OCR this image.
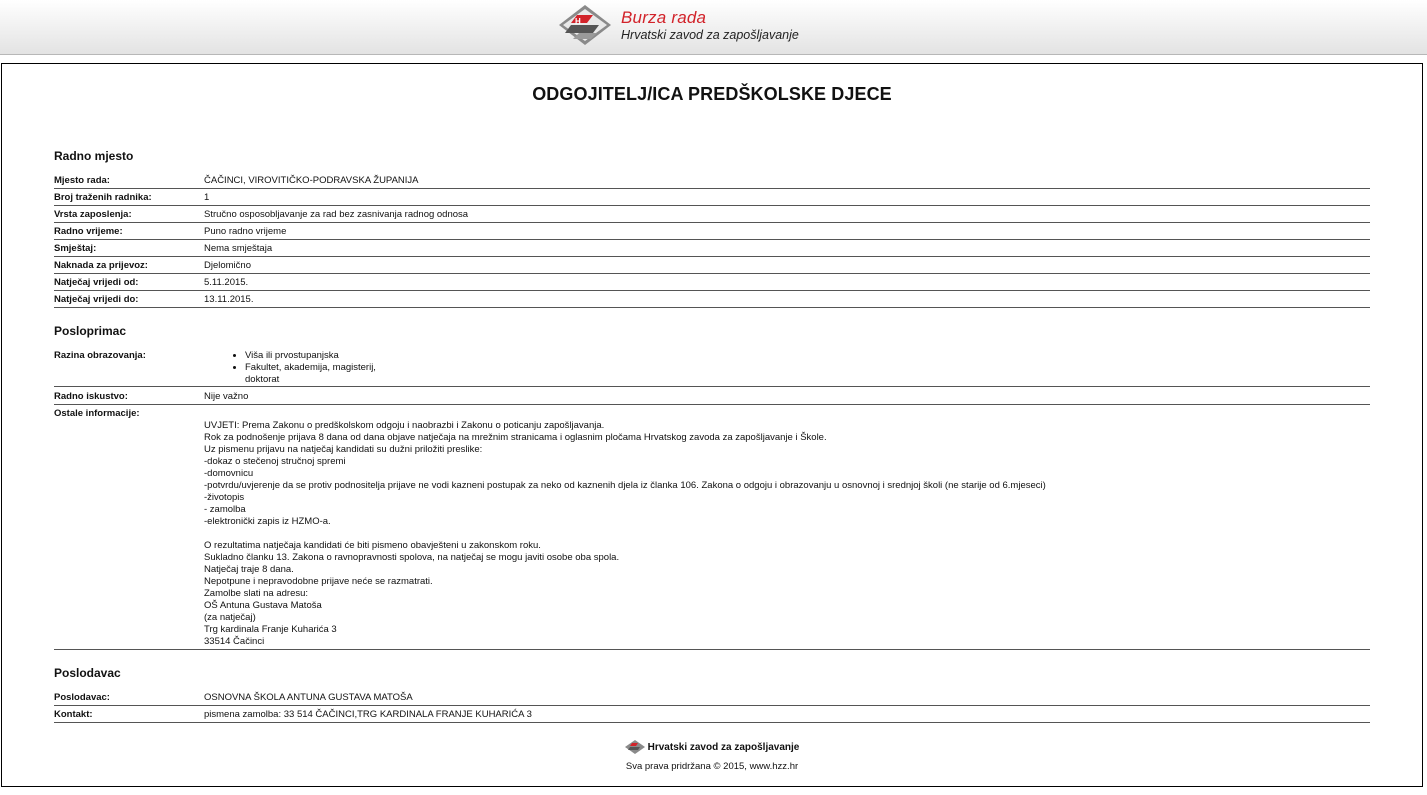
H Burza rada
Hrvatski zavod za zapošljavanje
ODGOJITELJ/ICA PREDŠKOLSKE DJECE
Radno mjesto
Mjesto rada:	ČAČINCI, VIROVITIČKO-PODRAVSKA ŽUPANIJA
Broj traženih radnika:	1
Vrsta zaposlenja:	Stručno osposobljavanje za rad bez zasnivanja radnog odnosa
Radno vrijeme:	Puno radno vrijeme
Smještaj:	Nema smještaja
Naknada za prijevoz:	Djelomično
Natječaj vrijedi od:	5.11.2015.
Natječaj vrijedi do:	13.11.2015.
Posloprimac
Razina obrazovanja:
•	Viša ili prvostupanjska
• Fakultet, akademija, magisterij, doktorat
Radno iskustvo:	Nije važno
Ostale informacije:
UVJETI: Prema Zakonu o predškolskom odgoju i naobrazbi i Zakonu o poticanju zapošljavanja.
Rok za podnošenje prijava 8 dana od dana objave natječaja na mrežnim stranicama i oglasnim pločama Hrvatskog zavoda za zapošljavanje i Škole.
Uz pismenu prijavu na natječaj kandidati su dužni priložiti preslike:
-dokaz o stečenoj stručnoj spremi
-domovnicu
-potvrdu/uvjerenje da se protiv podnositelja prijave ne vodi kazneni postupak za neko od kaznenih djela iz članka 106. Zakona o odgoju i obrazovanju u osnovnoj i srednjoj školi (ne starije od 6.mjeseci)
-životopis
- zamolba
-elektronički zapis iz HZMO-a.
O rezultatima natječaja kandidati će biti pismeno obavješteni u zakonskom roku.
Sukladno članku 13. Zakona o ravnopravnosti spolova, na natječaj se mogu javiti osobe oba spola.
Natječaj traje 8 dana.
Nepotpune i nepravodobne prijave neće se razmatrati.
Zamolbe slati na adresu:
OŠ Antuna Gustava Matoša
(za natječaj)
Trg kardinala Franje Kuharića 3
33514 Čačinci
Poslodavac
Poslodavac:	OSNOVNA ŠKOLA ANTUNA GUSTAVA MATOŠA
Kontakt:	pismena zamolba: 33 514 ČAČINCI,TRG KARDINALA FRANJE KUHARIĆA 3
Hrvatski zavod za zapošljavanje
Sva prava pridržana © 2015, www.hzz.hr
